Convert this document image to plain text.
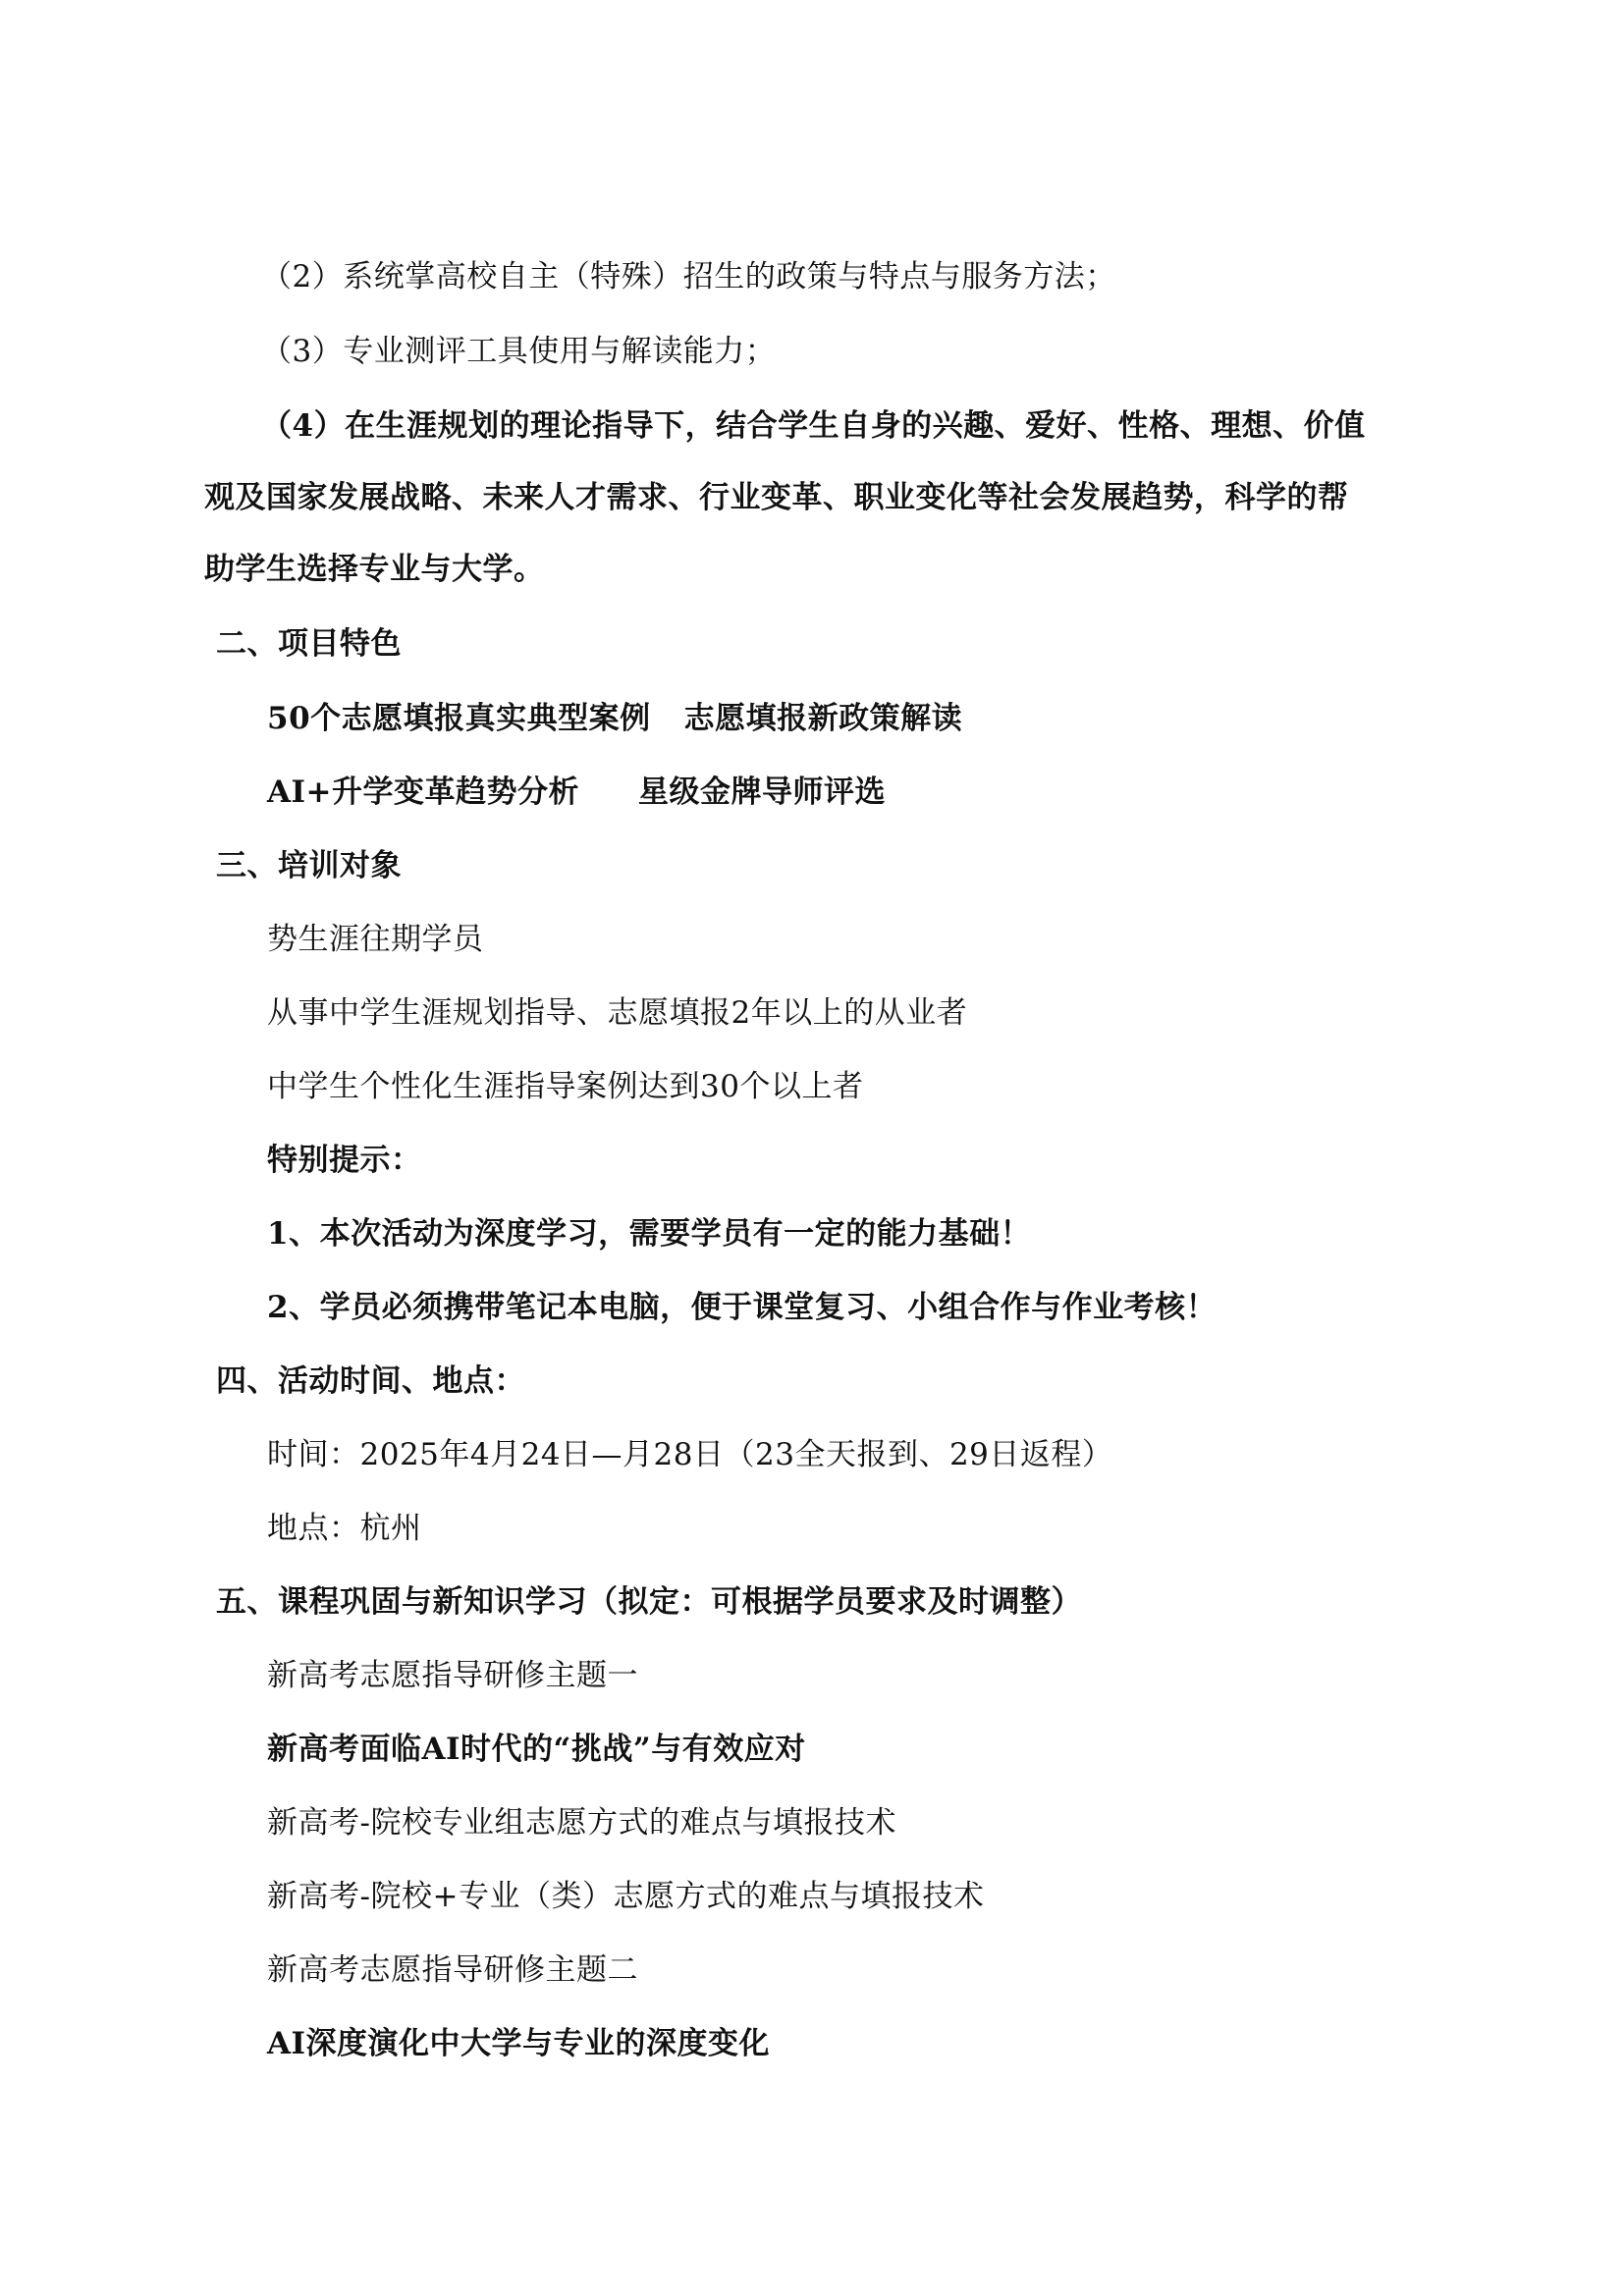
（2）系统掌高校自主（特殊）招生的政策与特点与服务方法；
（3）专业测评工具使用与解读能力；
（4）在生涯规划的理论指导下，结合学生自身的兴趣、爱好、性格、理想、价值
观及国家发展战略、未来人才需求、行业变革、职业变化等社会发展趋势，科学的帮
助学生选择专业与大学。
二、项目特色
50个志愿填报真实典型案例 志愿填报新政策解读
AI+升学变革趋势分析 星级金牌导师评选
三、培训对象
势生涯往期学员
从事中学生涯规划指导、志愿填报2年以上的从业者
中学生个性化生涯指导案例达到30个以上者
特别提示：
1、本次活动为深度学习，需要学员有一定的能力基础！
2、学员必须携带笔记本电脑，便于课堂复习、小组合作与作业考核！
四、活动时间、地点：
时间：2025年4月24日—月28日（23全天报到、29日返程）
地点：杭州
五、课程巩固与新知识学习（拟定：可根据学员要求及时调整）
新高考志愿指导研修主题一
新高考面临AI时代的“挑战”与有效应对
新高考-院校专业组志愿方式的难点与填报技术
新高考-院校+专业（类）志愿方式的难点与填报技术
新高考志愿指导研修主题二
AI深度演化中大学与专业的深度变化
